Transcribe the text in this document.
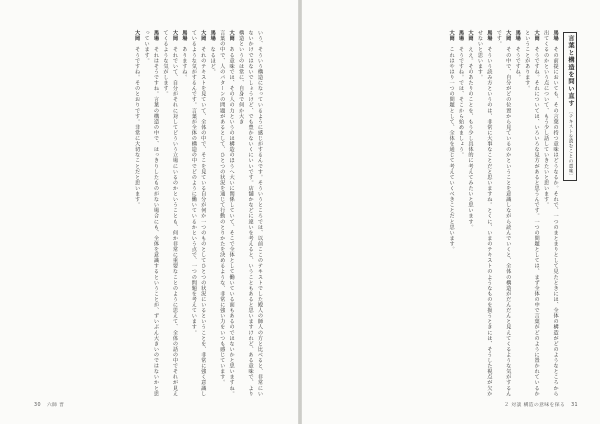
いう、そういう構造になっているように感じがするんです。そういうところでは、以前ここのテキストでした殿人の師人の方と比べると、非常にいないかけではないでしょうけど、でも豊かないくにいいです。店舗かなどに違いを考えると、いうこともあると思いますけれど、ある意味で、より構造というのは常に、自身で何か大き

大岡　ある意味では、その人の力というのは構造のほうへ大いに関係していて、そこで全体として働いている面もあるのではないかと思いますね。言葉の中で、人のパターンの問題があるとして、ひとつの状況を通じて行動のとりかたを決めるような、非常に強い力をいつも感じています。

馬場　なるほど。

大岡　それのテキストを見ていて、全体の中で、そこを見ている自分が何か一つのものとしてひとつの状況にいるということを、非常に強く意識しているような気がするんです。言葉が全体の構造の中でどのように働いているかという点で、一つの問題を考えています。

馬場　ありますね。

大岡　それでいて、自分がそれに対してどういう立場にいるのかということも、何か非常に重要なことのように思えて、全体の話の中でそれが見えてくるような気がします。

馬場　それはそうですね。言葉の構造の中で、はっきりしたものがない場合にも、全体を意識するということが、ずいぶん大きいのではないかと思っています。

大岡　そうですね。そのとおりです。非常に大切なことだと思います。

30 六師 晋
言葉と構造を問い直す 〔テキストを読むことの意味〕

馬場　その前提においても、その言葉の持つ意味はどうなるか。それで、一つのまとまりとして見たときには、全体の構造がどのようなところから出てくるのかという点について、もう少し話していきたいと思います。

大岡　そうですね。それについては、いろいろな見方があると思うんです。一つの問題としては、まず全体の中で言葉がどのように置かれているかということがあります。

馬場　そうですね。

大岡　その中で、自分がどの位置から見ているのかということを意識しながら読んでいくと、全体の構造がだんだんと見えてくるような気がするんです。

馬場　そういう読み方というのは、非常に大事なことだと思いますね。とくに、いまのテキストのようなものを扱うときには、そうした視点が欠かせないと思います。

大岡　ええ。そのあたりのことを、もう少し具体的に考えてみたいと思います。

馬場　そうですね。では、そこから始めましょう。

大岡　これはやはり一つの問題として、全体を通じて考えていくべきことだと思います。

２ 対談 構造の意味を探る 31
